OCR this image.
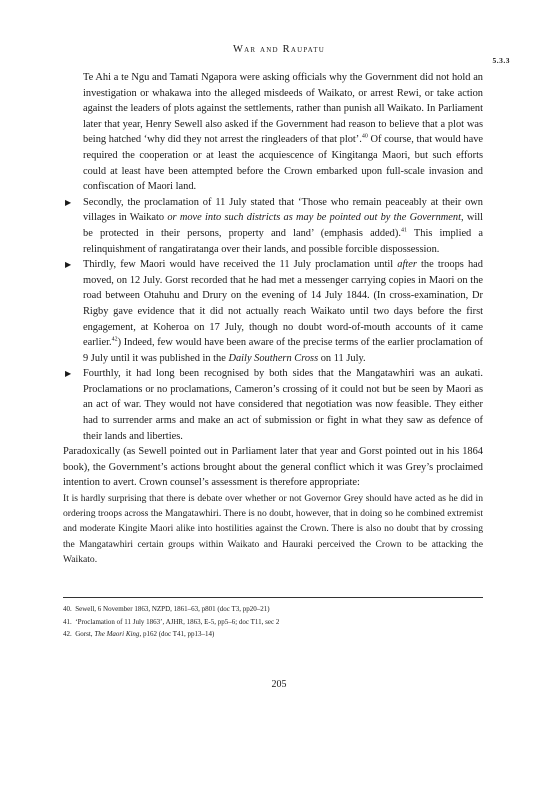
War and Raupatu
5.3.3

Te Ahi a te Ngu and Tamati Ngapora were asking officials why the Government did not hold an investigation or whakawa into the alleged misdeeds of Waikato, or arrest Rewi, or take action against the leaders of plots against the settlements, rather than punish all Waikato. In Parliament later that year, Henry Sewell also asked if the Government had reason to believe that a plot was being hatched ‘why did they not arrest the ringleaders of that plot’.$^{40}$ Of course, that would have required the cooperation or at least the acquiescence of Kingitanga Maori, but such efforts could at least have been attempted before the Crown embarked upon full-scale invasion and confiscation of Maori land.

▶ Secondly, the proclamation of 11 July stated that ‘Those who remain peaceably at their own villages in Waikato or move into such districts as may be pointed out by the Government, will be protected in their persons, property and land’ (emphasis added).$^{41}$ This implied a relinquishment of rangatiratanga over their lands, and possible forcible dispossession.

▶ Thirdly, few Maori would have received the 11 July proclamation until after the troops had moved, on 12 July. Gorst recorded that he had met a messenger carrying copies in Maori on the road between Otahuhu and Drury on the evening of 14 July 1844. (In cross-examination, Dr Rigby gave evidence that it did not actually reach Waikato until two days before the first engagement, at Koheroa on 17 July, though no doubt word-of-mouth accounts of it came earlier.$^{42}$) Indeed, few would have been aware of the precise terms of the earlier proclamation of 9 July until it was published in the Daily Southern Cross on 11 July.

▶ Fourthly, it had long been recognised by both sides that the Mangatawhiri was an aukati. Proclamations or no proclamations, Cameron’s crossing of it could not but be seen by Maori as an act of war. They would not have considered that negotiation was now feasible. They either had to surrender arms and make an act of submission or fight in what they saw as defence of their lands and liberties.

Paradoxically (as Sewell pointed out in Parliament later that year and Gorst pointed out in his 1864 book), the Government’s actions brought about the general conflict which it was Grey’s proclaimed intention to avert. Crown counsel’s assessment is therefore appropriate:

It is hardly surprising that there is debate over whether or not Governor Grey should have acted as he did in ordering troops across the Mangatawhiri. There is no doubt, however, that in doing so he combined extremist and moderate Kingite Maori alike into hostilities against the Crown. There is also no doubt that by crossing the Mangatawhiri certain groups within Waikato and Hauraki perceived the Crown to be attacking the Waikato.

40. Sewell, 6 November 1863, NZPD, 1861–63, p801 (doc T3, pp20–21)
41. ‘Proclamation of 11 July 1863’, AJHR, 1863, E-5, pp5–6; doc T11, sec 2
42. Gorst, The Maori King, p162 (doc T41, pp13–14)
205
